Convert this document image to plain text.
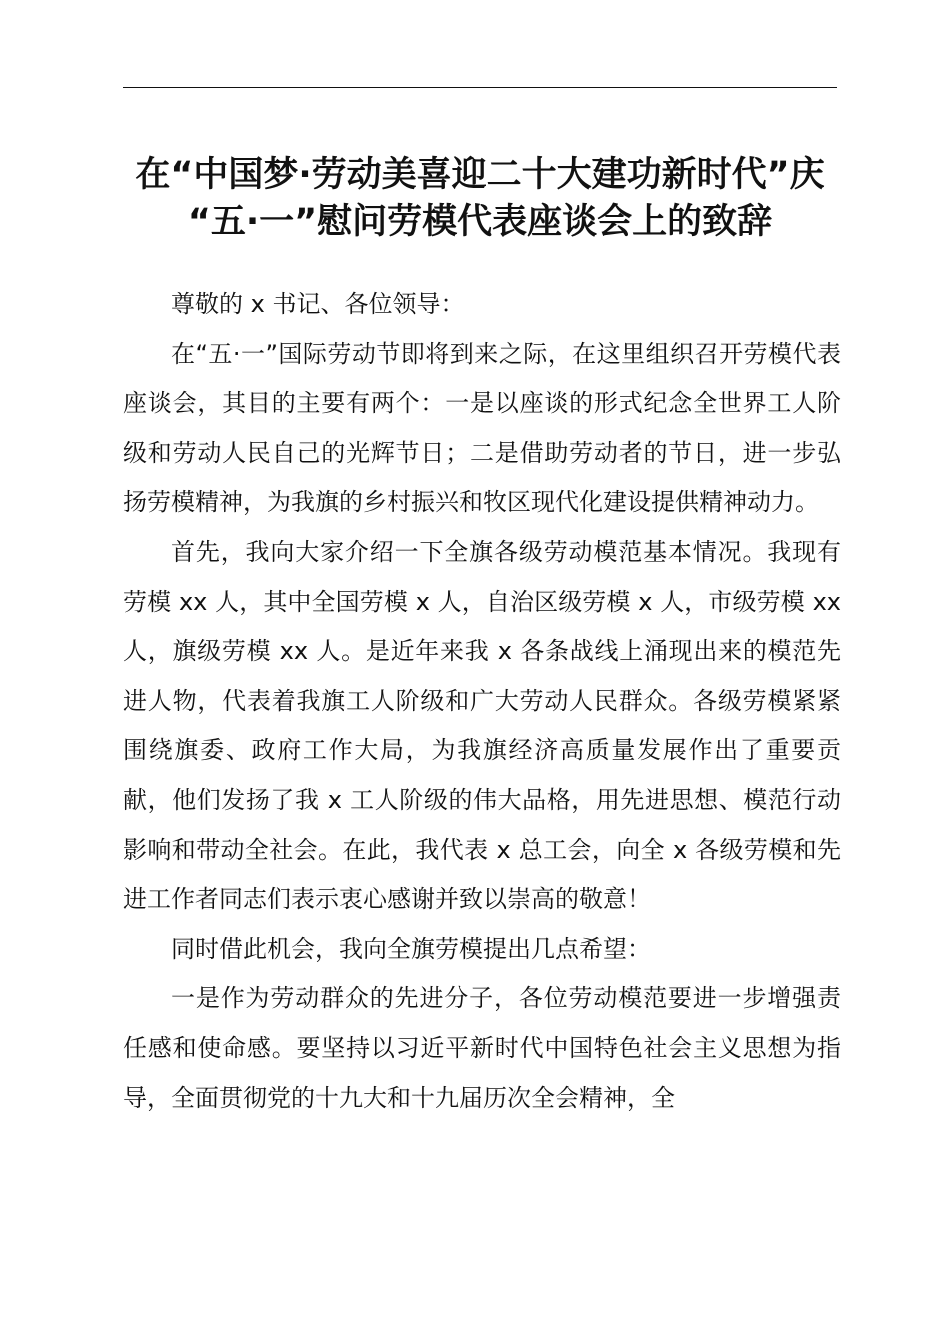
在“中国梦·劳动美喜迎二十大建功新时代”庆
“五·一”慰问劳模代表座谈会上的致辞

尊敬的 x 书记、各位领导：

在“五·一”国际劳动节即将到来之际，在这里组织召开劳模代表座谈会，其目的主要有两个：一是以座谈的形式纪念全世界工人阶级和劳动人民自己的光辉节日；二是借助劳动者的节日，进一步弘扬劳模精神，为我旗的乡村振兴和牧区现代化建设提供精神动力。

首先，我向大家介绍一下全旗各级劳动模范基本情况。我现有劳模 xx 人，其中全国劳模 x 人，自治区级劳模 x 人，市级劳模 xx 人，旗级劳模 xx 人。是近年来我 x 各条战线上涌现出来的模范先进人物，代表着我旗工人阶级和广大劳动人民群众。各级劳模紧紧围绕旗委、政府工作大局，为我旗经济高质量发展作出了重要贡献，他们发扬了我 x 工人阶级的伟大品格，用先进思想、模范行动影响和带动全社会。在此，我代表 x 总工会，向全 x 各级劳模和先进工作者同志们表示衷心感谢并致以崇高的敬意！

同时借此机会，我向全旗劳模提出几点希望：

一是作为劳动群众的先进分子，各位劳动模范要进一步增强责任感和使命感。要坚持以习近平新时代中国特色社会主义思想为指导，全面贯彻党的十九大和十九届历次全会精神，全
